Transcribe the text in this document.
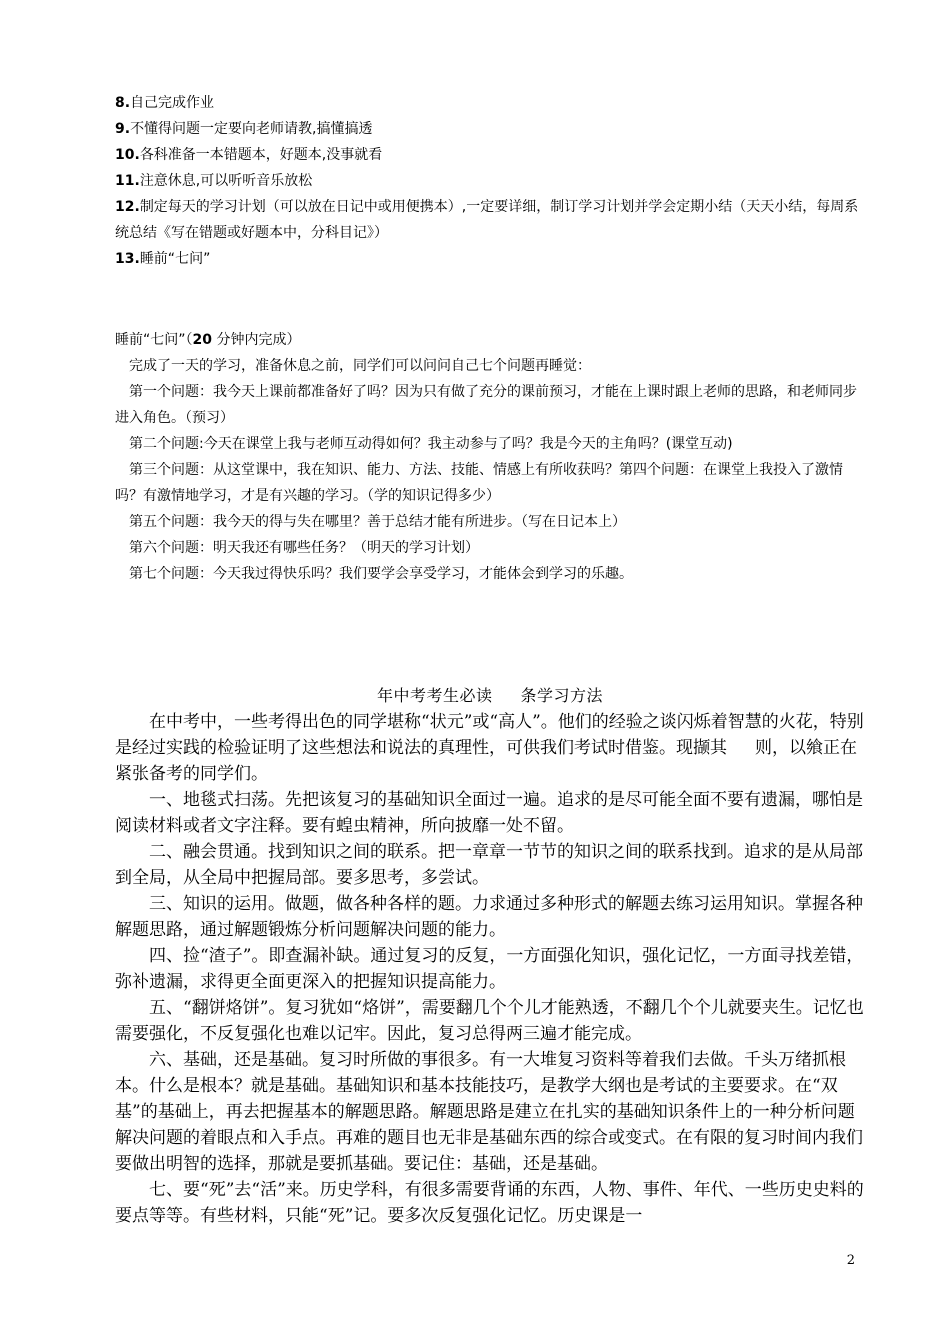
8.自己完成作业

9.不懂得问题一定要向老师请教,搞懂搞透

10.各科准备一本错题本，好题本,没事就看

11.注意休息,可以听听音乐放松

12.制定每天的学习计划（可以放在日记中或用便携本）,一定要详细，制订学习计划并学会定期小结（天天小结，每周系统总结《写在错题或好题本中，分科目记》）

13.睡前“七问”

睡前“七问”（20 分钟内完成）

完成了一天的学习，准备休息之前，同学们可以问问自己七个问题再睡觉：

第一个问题：我今天上课前都准备好了吗？因为只有做了充分的课前预习，才能在上课时跟上老师的思路，和老师同步进入角色。（预习）

第二个问题:今天在课堂上我与老师互动得如何？我主动参与了吗？我是今天的主角吗？(课堂互动)

第三个问题：从这堂课中，我在知识、能力、方法、技能、情感上有所收获吗？第四个问题：在课堂上我投入了激情吗？有激情地学习，才是有兴趣的学习。（学的知识记得多少）

第五个问题：我今天的得与失在哪里？善于总结才能有所进步。（写在日记本上）

第六个问题：明天我还有哪些任务？（明天的学习计划）

第七个问题：今天我过得快乐吗？我们要学会享受学习，才能体会到学习的乐趣。

年中考考生必读 条学习方法

在中考中，一些考得出色的同学堪称“状元”或“高人”。他们的经验之谈闪烁着智慧的火花，特别是经过实践的检验证明了这些想法和说法的真理性，可供我们考试时借鉴。现撷其 则，以飨正在紧张备考的同学们。

一、地毯式扫荡。先把该复习的基础知识全面过一遍。追求的是尽可能全面不要有遗漏，哪怕是阅读材料或者文字注释。要有蝗虫精神，所向披靡一处不留。

二、融会贯通。找到知识之间的联系。把一章章一节节的知识之间的联系找到。追求的是从局部到全局，从全局中把握局部。要多思考，多尝试。

三、知识的运用。做题，做各种各样的题。力求通过多种形式的解题去练习运用知识。掌握各种解题思路，通过解题锻炼分析问题解决问题的能力。

四、捡“渣子”。即查漏补缺。通过复习的反复，一方面强化知识，强化记忆，一方面寻找差错，弥补遗漏，求得更全面更深入的把握知识提高能力。

五、“翻饼烙饼”。复习犹如“烙饼”，需要翻几个个儿才能熟透，不翻几个个儿就要夹生。记忆也需要强化，不反复强化也难以记牢。因此，复习总得两三遍才能完成。

六、基础，还是基础。复习时所做的事很多。有一大堆复习资料等着我们去做。千头万绪抓根本。什么是根本？就是基础。基础知识和基本技能技巧，是教学大纲也是考试的主要要求。在“双基”的基础上，再去把握基本的解题思路。解题思路是建立在扎实的基础知识条件上的一种分析问题解决问题的着眼点和入手点。再难的题目也无非是基础东西的综合或变式。在有限的复习时间内我们要做出明智的选择，那就是要抓基础。要记住：基础，还是基础。

七、要“死”去“活”来。历史学科，有很多需要背诵的东西，人物、事件、年代、一些历史史料的要点等等。有些材料，只能“死”记。要多次反复强化记忆。历史课是一

2
